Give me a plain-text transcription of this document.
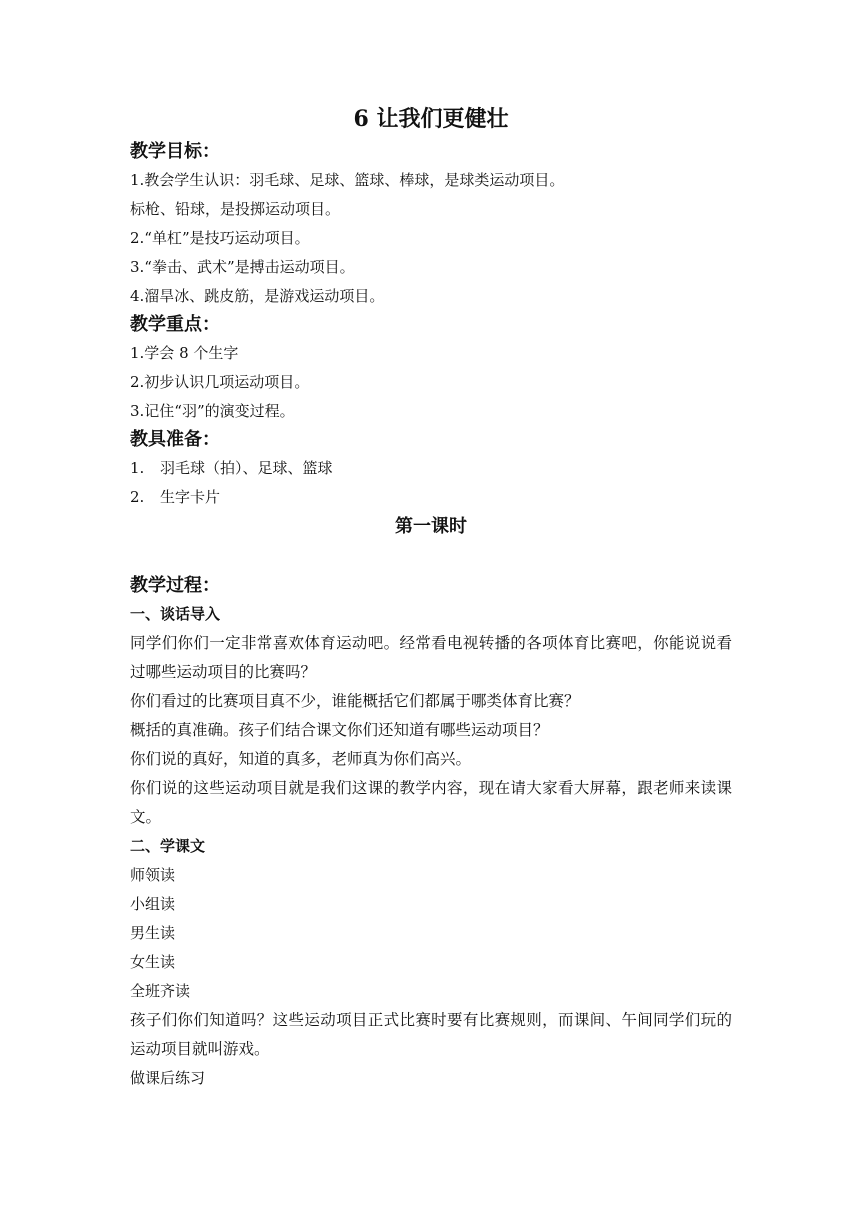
6 让我们更健壮

教学目标：

1.教会学生认识：羽毛球、足球、篮球、棒球，是球类运动项目。

标枪、铅球，是投掷运动项目。

2.“单杠”是技巧运动项目。

3.“拳击、武术”是搏击运动项目。

4.溜旱冰、跳皮筋，是游戏运动项目。

教学重点：

1.学会 8 个生字

2.初步认识几项运动项目。

3.记住“羽”的演变过程。

教具准备：

1. 羽毛球（拍）、足球、篮球

2. 生字卡片

第一课时

教学过程：

一、谈话导入

同学们你们一定非常喜欢体育运动吧。经常看电视转播的各项体育比赛吧，你能说说看过哪些运动项目的比赛吗？

你们看过的比赛项目真不少，谁能概括它们都属于哪类体育比赛？

概括的真准确。孩子们结合课文你们还知道有哪些运动项目？

你们说的真好，知道的真多，老师真为你们高兴。

你们说的这些运动项目就是我们这课的教学内容，现在请大家看大屏幕，跟老师来读课文。

二、学课文

师领读

小组读

男生读

女生读

全班齐读

孩子们你们知道吗？这些运动项目正式比赛时要有比赛规则，而课间、午间同学们玩的运动项目就叫游戏。

做课后练习
